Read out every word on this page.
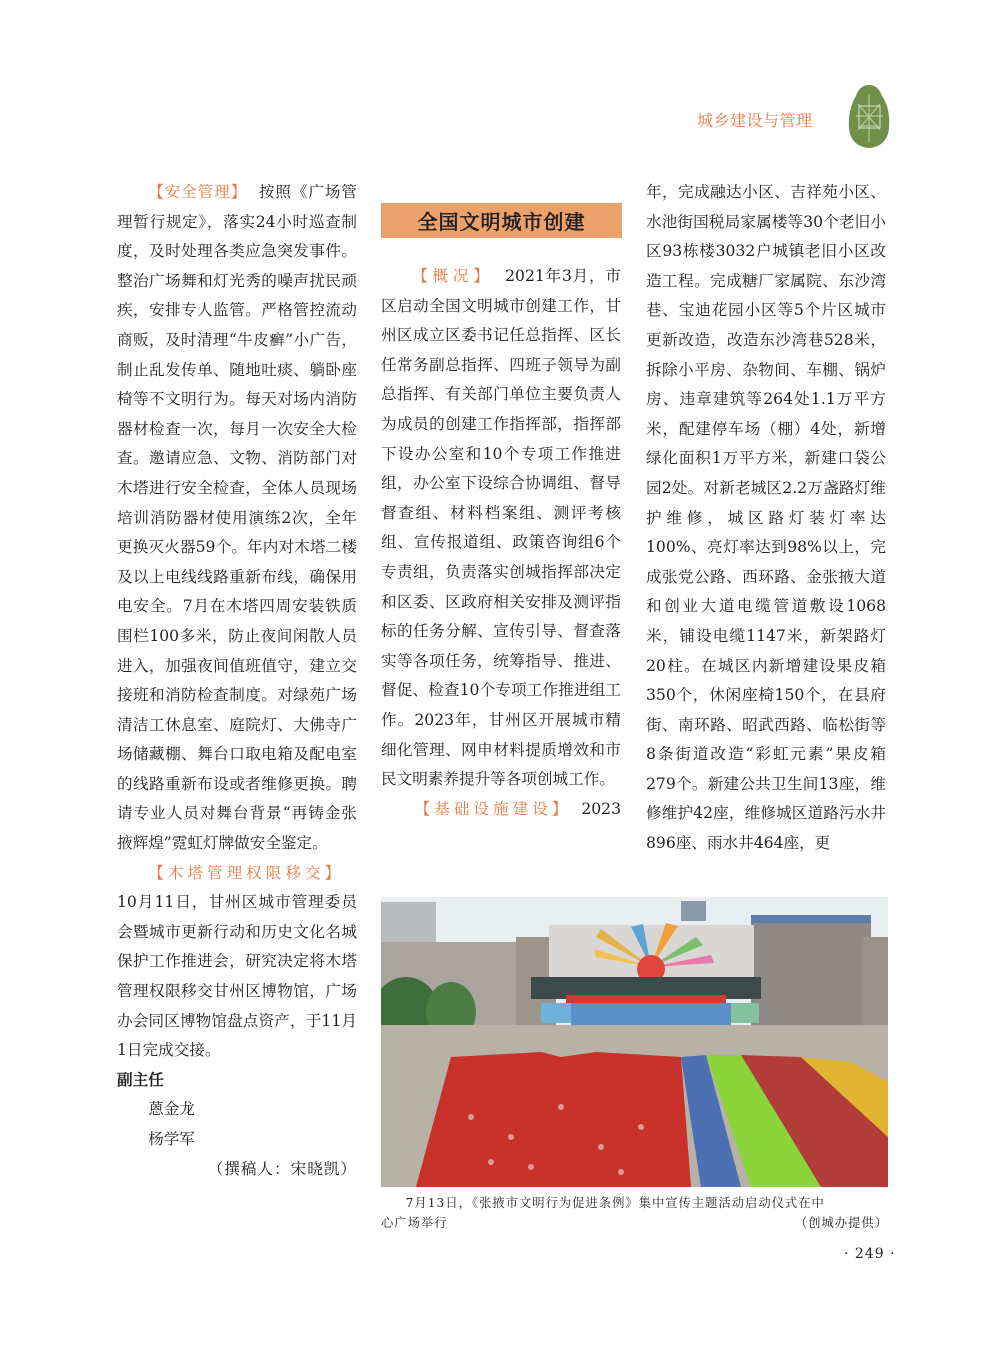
城乡建设与管理

【安全管理】 按照《广场管理暂行规定》，落实24小时巡查制度，及时处理各类应急突发事件。整治广场舞和灯光秀的噪声扰民顽疾，安排专人监管。严格管控流动商贩，及时清理“牛皮癣”小广告，制止乱发传单、随地吐痰、躺卧座椅等不文明行为。每天对场内消防器材检查一次，每月一次安全大检查。邀请应急、文物、消防部门对木塔进行安全检查，全体人员现场培训消防器材使用演练2次，全年更换灭火器59个。年内对木塔二楼及以上电线线路重新布线，确保用电安全。7月在木塔四周安装铁质围栏100多米，防止夜间闲散人员进入，加强夜间值班值守，建立交接班和消防检查制度。对绿苑广场清洁工休息室、庭院灯、大佛寺广场储藏棚、舞台口取电箱及配电室的线路重新布设或者维修更换。聘请专业人员对舞台背景“再铸金张掖辉煌”霓虹灯牌做安全鉴定。

【木塔管理权限移交】

10月11日，甘州区城市管理委员会暨城市更新行动和历史文化名城保护工作推进会，研究决定将木塔管理权限移交甘州区博物馆，广场办会同区博物馆盘点资产，于11月1日完成交接。

副主任

蒽金龙

杨学军

（撰稿人：宋晓凯）

全国文明城市创建

【概况】 2021年3月，市区启动全国文明城市创建工作，甘州区成立区委书记任总指挥、区长任常务副总指挥、四班子领导为副总指挥、有关部门单位主要负责人为成员的创建工作指挥部，指挥部下设办公室和10个专项工作推进组，办公室下设综合协调组、督导督查组、材料档案组、测评考核组、宣传报道组、政策咨询组6个专责组，负责落实创城指挥部决定和区委、区政府相关安排及测评指标的任务分解、宣传引导、督查落实等各项任务，统筹指导、推进、督促、检查10个专项工作推进组工作。2023年，甘州区开展城市精细化管理、网申材料提质增效和市民文明素养提升等各项创城工作。

【基础设施建设】 2023

年，完成融达小区、吉祥苑小区、水池街国税局家属楼等30个老旧小区93栋楼3032户城镇老旧小区改造工程。完成糖厂家属院、东沙湾巷、宝迪花园小区等5个片区城市更新改造，改造东沙湾巷528米，拆除小平房、杂物间、车棚、锅炉房、违章建筑等264处1.1万平方米，配建停车场（棚）4处，新增绿化面积1万平方米，新建口袋公园2处。对新老城区2.2万盏路灯维护维修，城区路灯装灯率达100%、亮灯率达到98%以上，完成张党公路、西环路、金张掖大道和创业大道电缆管道敷设1068米，铺设电缆1147米，新架路灯20柱。在城区内新增建设果皮箱350个，休闲座椅150个，在县府街、南环路、昭武西路、临松街等8条街道改造“彩虹元素”果皮箱279个。新建公共卫生间13座，维修维护42座，维修城区道路污水井896座、雨水井464座，更

7月13日，《张掖市文明行为促进条例》集中宣传主题活动启动仪式在中
心广场举行	（创城办提供）
· 249 ·
